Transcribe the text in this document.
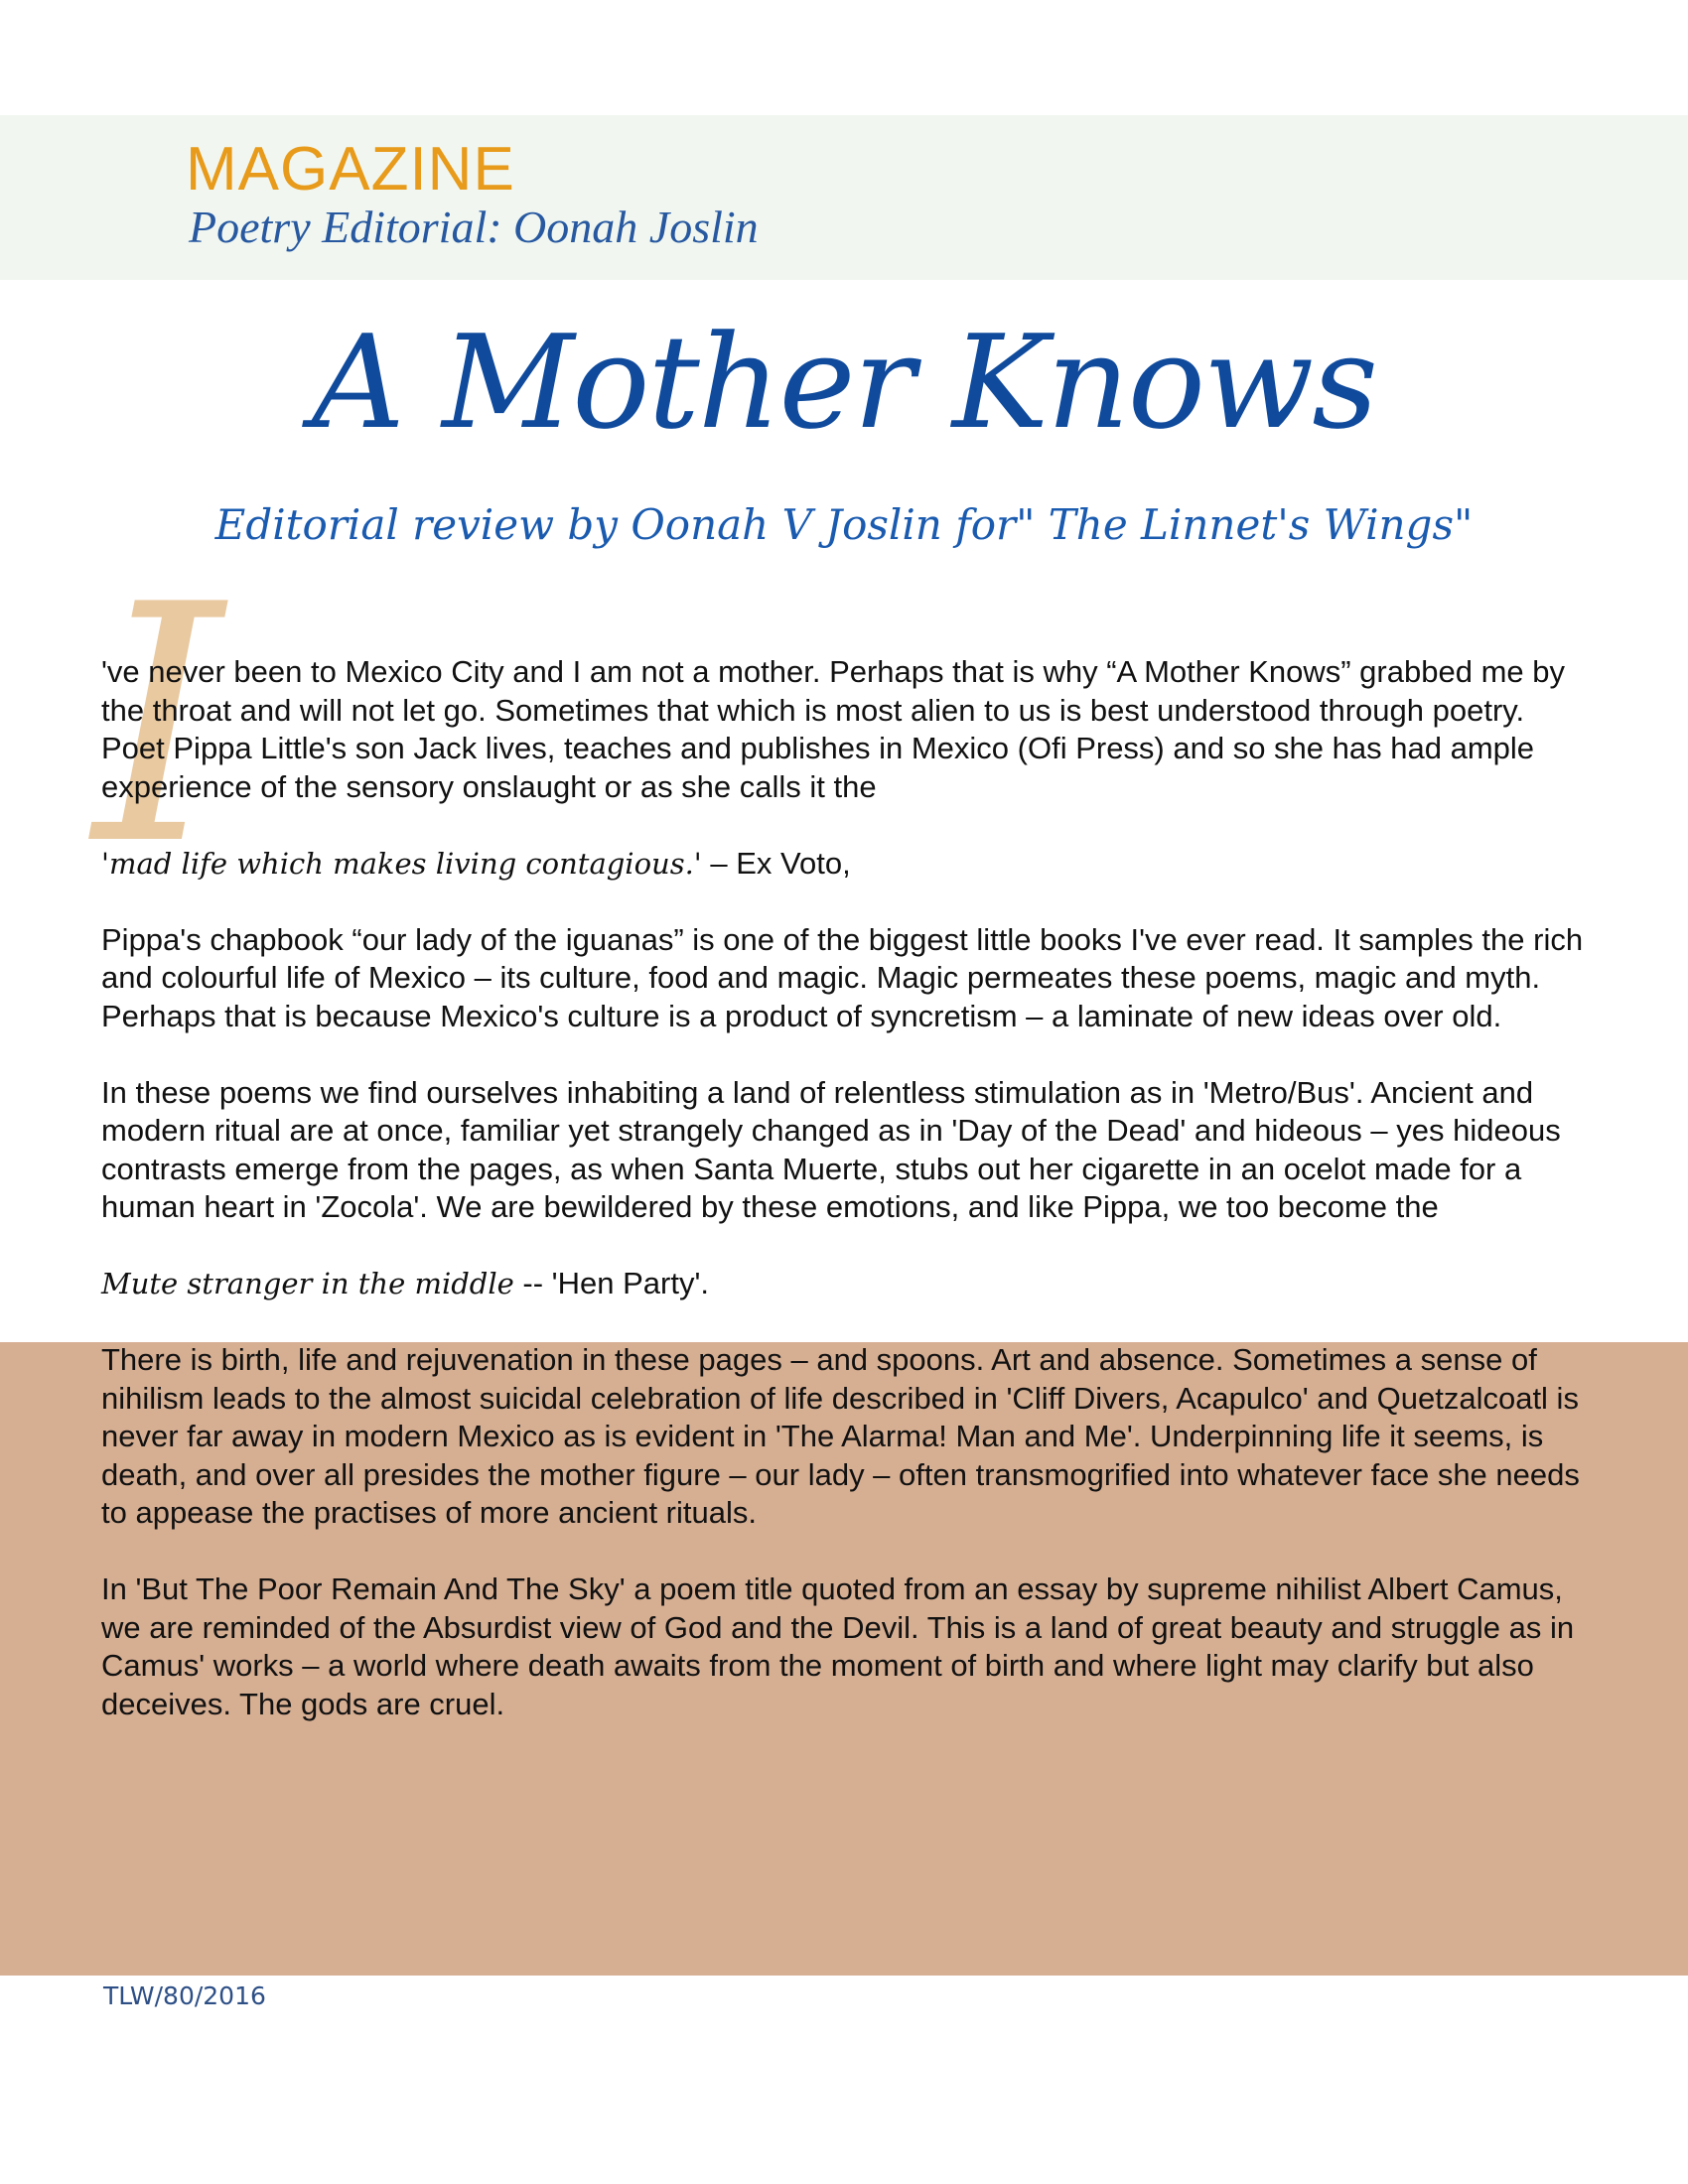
MAGAZINE
Poetry Editorial: Oonah Joslin
A Mother Knows
Editorial review by Oonah V Joslin for" The Linnet's Wings"
I

've never been to Mexico City and I am not a mother. Perhaps that is why “A Mother Knows” grabbed me by the throat and will not let go. Sometimes that which is most alien to us is best understood through poetry. Poet Pippa Little's son Jack lives, teaches and publishes in Mexico (Ofi Press) and so she has had ample experience of the sensory onslaught or as she calls it the

'mad life which makes living contagious.' – Ex Voto,

Pippa's chapbook “our lady of the iguanas” is one of the biggest little books I've ever read. It samples the rich and colourful life of Mexico – its culture, food and magic. Magic permeates these poems, magic and myth. Perhaps that is because Mexico's culture is a product of syncretism – a laminate of new ideas over old.

In these poems we find ourselves inhabiting a land of relentless stimulation as in 'Metro/Bus'. Ancient and modern ritual are at once, familiar yet strangely changed as in 'Day of the Dead' and hideous – yes hideous contrasts emerge from the pages, as when Santa Muerte, stubs out her cigarette in an ocelot made for a human heart in 'Zocola'. We are bewildered by these emotions, and like Pippa, we too become the

Mute stranger in the middle -- 'Hen Party'.

There is birth, life and rejuvenation in these pages – and spoons. Art and absence. Sometimes a sense of nihilism leads to the almost suicidal celebration of life described in 'Cliff Divers, Acapulco' and Quetzalcoatl is never far away in modern Mexico as is evident in 'The Alarma! Man and Me'. Underpinning life it seems, is death, and over all presides the mother figure – our lady – often transmogrified into whatever face she needs to appease the practises of more ancient rituals.

In 'But The Poor Remain And The Sky' a poem title quoted from an essay by supreme nihilist Albert Camus, we are reminded of the Absurdist view of God and the Devil. This is a land of great beauty and struggle as in Camus' works – a world where death awaits from the moment of birth and where light may clarify but also deceives. The gods are cruel.

TLW/80/2016
